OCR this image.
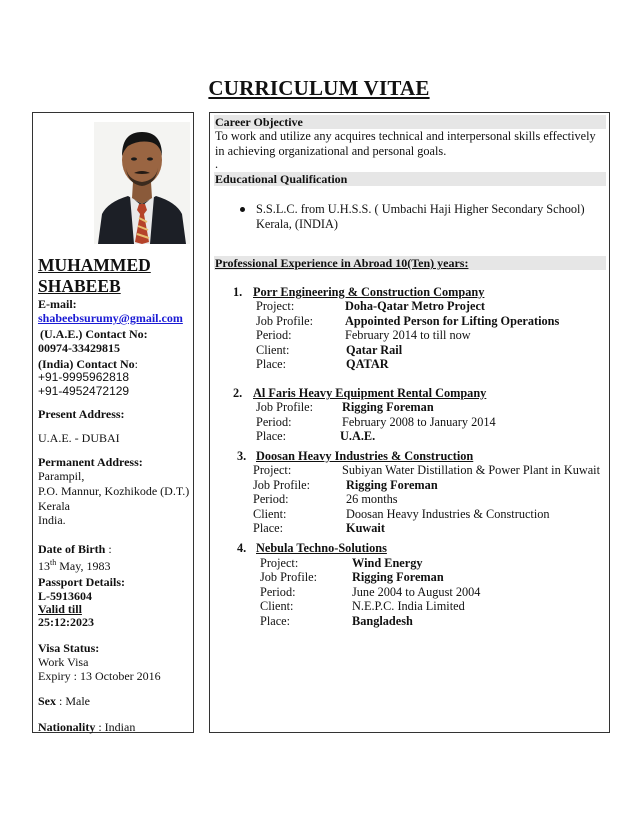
CURRICULUM VITAE
MUHAMMED
SHABEEB
E-mail:
shabeebsurumy@gmail.com
(U.A.E.) Contact No:
00974-33429815
(India) Contact No:
+91-9995962818
+91-4952472129
Present Address:
U.A.E. - DUBAI
Permanent Address:
Parampil,
P.O. Mannur, Kozhikode (D.T.)
Kerala
India.
Date of Birth :
13th May, 1983
Passport Details:
L-5913604
Valid till
25:12:2023
Visa Status:
Work Visa
Expiry : 13 October 2016
Sex : Male
Nationality : Indian
Career Objective
To work and utilize any acquires technical and interpersonal skills effectively
in achieving organizational and personal goals.
.
Educational Qualification
S.S.L.C. from U.H.S.S. ( Umbachi Haji Higher Secondary School)
Kerala, (INDIA)
Professional Experience in Abroad 10(Ten) years:
1. Porr Engineering & Construction Company
Project:	Doha-Qatar Metro Project
Job Profile:	Appointed Person for Lifting Operations
Period:	February 2014 to till now
Client:	Qatar Rail
Place:	QATAR
2. Al Faris Heavy Equipment Rental Company
Job Profile: Rigging Foreman
Period:	February 2008 to January 2014
Place:	U.A.E.
3. Doosan Heavy Industries & Construction
Project:	Subiyan Water Distillation & Power Plant in Kuwait
Job Profile:	Rigging Foreman
Period:	26 months
Client:	Doosan Heavy Industries & Construction
Place:	Kuwait
4. Nebula Techno-Solutions
Project:	Wind Energy
Job Profile:	Rigging Foreman
Period:	June 2004 to August 2004
Client:	N.E.P.C. India Limited
Place:	Bangladesh
